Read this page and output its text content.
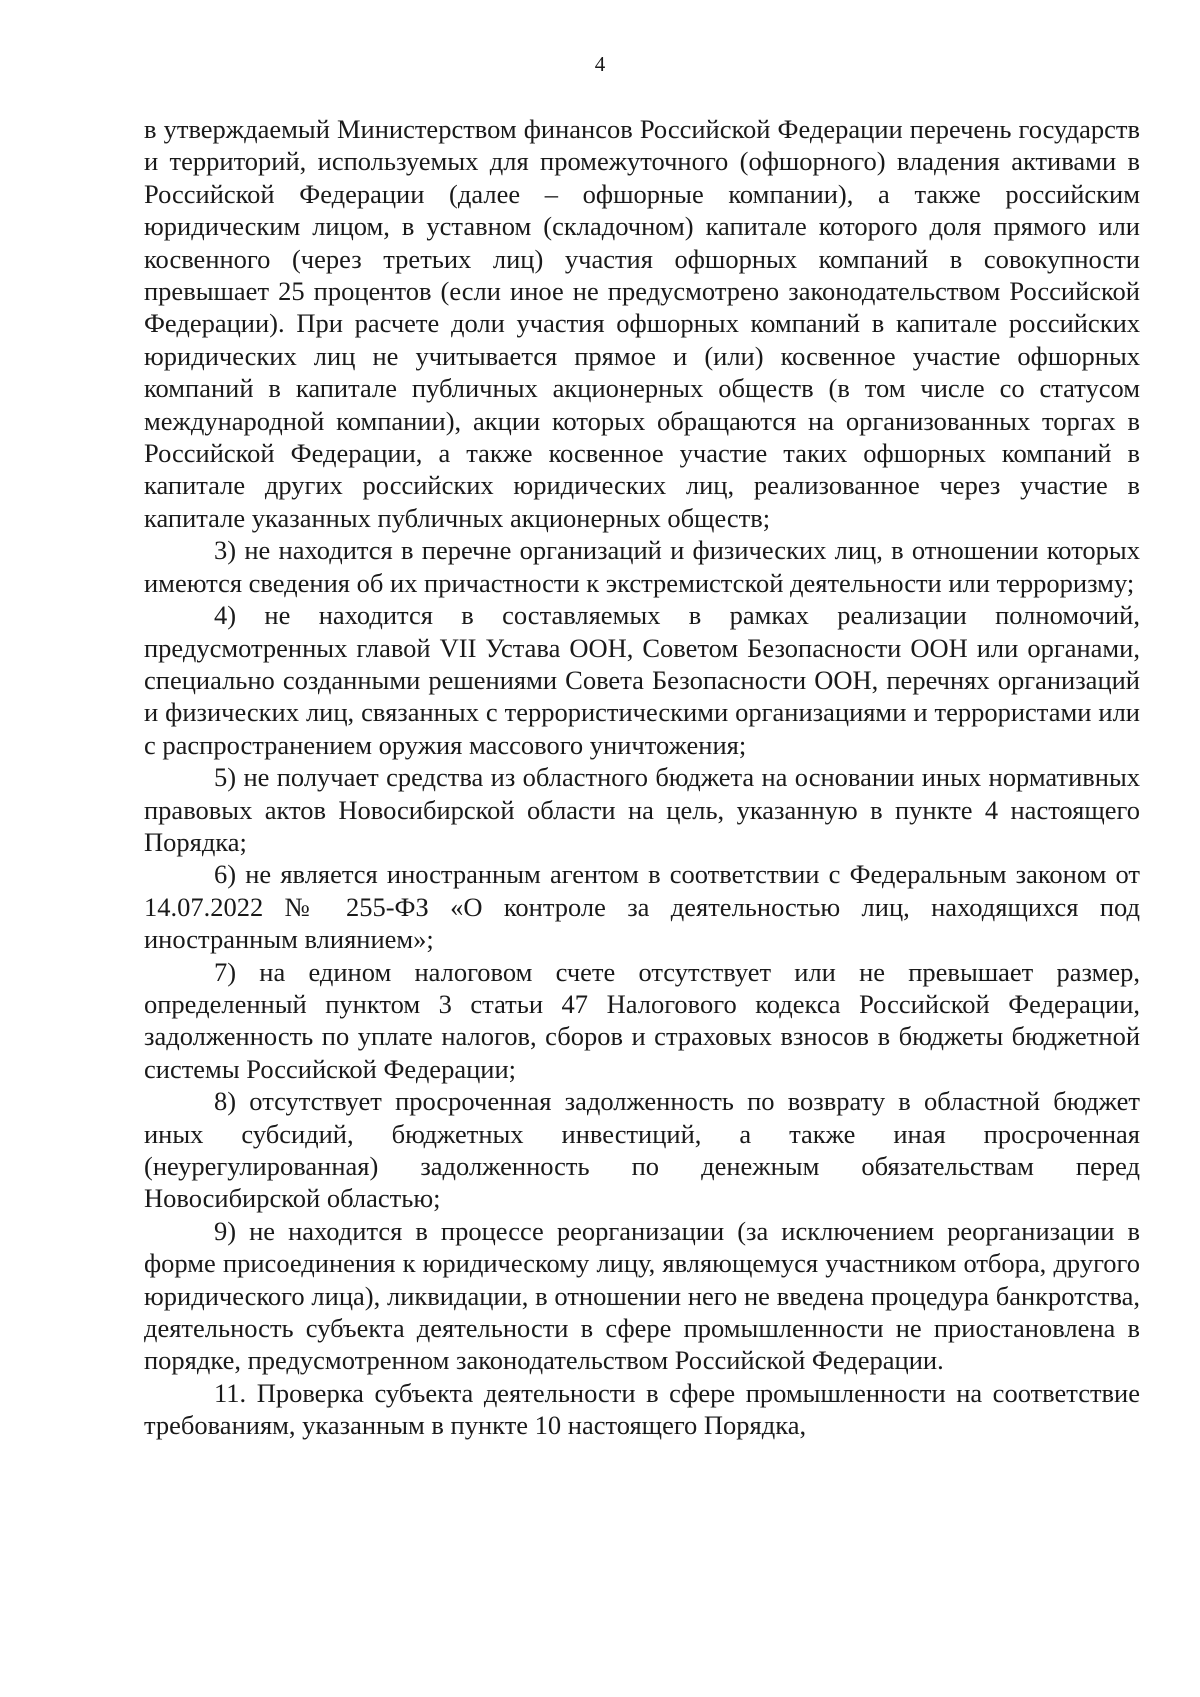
4

в утверждаемый Министерством финансов Российской Федерации перечень государств и территорий, используемых для промежуточного (офшорного) владения активами в Российской Федерации (далее – офшорные компании), а также российским юридическим лицом, в уставном (складочном) капитале которого доля прямого или косвенного (через третьих лиц) участия офшорных компаний в совокупности превышает 25 процентов (если иное не предусмотрено законодательством Российской Федерации). При расчете доли участия офшорных компаний в капитале российских юридических лиц не учитывается прямое и (или) косвенное участие офшорных компаний в капитале публичных акционерных обществ (в том числе со статусом международной компании), акции которых обращаются на организованных торгах в Российской Федерации, а также косвенное участие таких офшорных компаний в капитале других российских юридических лиц, реализованное через участие в капитале указанных публичных акционерных обществ;

3) не находится в перечне организаций и физических лиц, в отношении которых имеются сведения об их причастности к экстремистской деятельности или терроризму;

4) не находится в составляемых в рамках реализации полномочий, предусмотренных главой VII Устава ООН, Советом Безопасности ООН или органами, специально созданными решениями Совета Безопасности ООН, перечнях организаций и физических лиц, связанных с террористическими организациями и террористами или с распространением оружия массового уничтожения;

5) не получает средства из областного бюджета на основании иных нормативных правовых актов Новосибирской области на цель, указанную в пункте 4 настоящего Порядка;

6) не является иностранным агентом в соответствии с Федеральным законом от 14.07.2022 № 255-ФЗ «О контроле за деятельностью лиц, находящихся под иностранным влиянием»;

7) на едином налоговом счете отсутствует или не превышает размер, определенный пунктом 3 статьи 47 Налогового кодекса Российской Федерации, задолженность по уплате налогов, сборов и страховых взносов в бюджеты бюджетной системы Российской Федерации;

8) отсутствует просроченная задолженность по возврату в областной бюджет иных субсидий, бюджетных инвестиций, а также иная просроченная (неурегулированная) задолженность по денежным обязательствам перед Новосибирской областью;

9) не находится в процессе реорганизации (за исключением реорганизации в форме присоединения к юридическому лицу, являющемуся участником отбора, другого юридического лица), ликвидации, в отношении него не введена процедура банкротства, деятельность субъекта деятельности в сфере промышленности не приостановлена в порядке, предусмотренном законодательством Российской Федерации.

11. Проверка субъекта деятельности в сфере промышленности на соответствие требованиям, указанным в пункте 10 настоящего Порядка,
